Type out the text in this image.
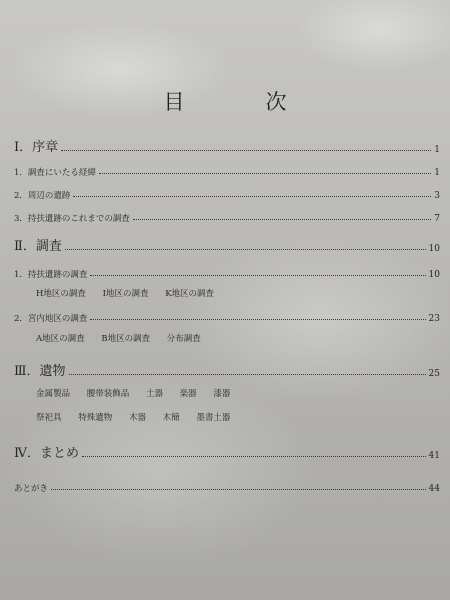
目　次
Ⅰ．序章	1
1．調査にいたる経緯	1
2．周辺の遺跡	3
3．持扶遺跡のこれまでの調査	7
Ⅱ．調査	10
1．持扶遺跡の調査	10
H地区の調査 I地区の調査 K地区の調査
2．宮内地区の調査	23
A地区の調査 B地区の調査 分布調査
Ⅲ．遺物	25
金属製品 腰帯装飾品 土器 楽器 漆器
祭祀具 特殊遺物 木器 木簡 墨書土器
Ⅳ．まとめ	41
あとがき	44
